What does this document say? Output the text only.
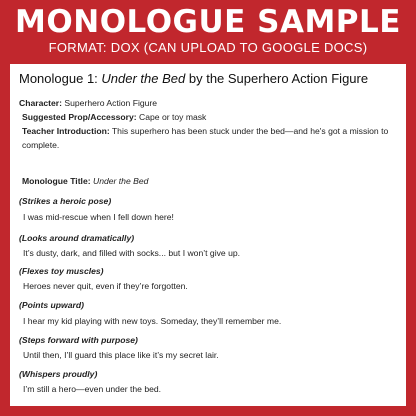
MONOLOGUE SAMPLE
FORMAT: DOX (CAN UPLOAD TO GOOGLE DOCS)
Monologue 1: Under the Bed by the Superhero Action Figure
Character: Superhero Action Figure
Suggested Prop/Accessory: Cape or toy mask
Teacher Introduction: This superhero has been stuck under the bed—and he's got a mission to complete.
Monologue Title: Under the Bed
(Strikes a heroic pose)
I was mid-rescue when I fell down here!
(Looks around dramatically)
It’s dusty, dark, and filled with socks... but I won’t give up.
(Flexes toy muscles)
Heroes never quit, even if they’re forgotten.
(Points upward)
I hear my kid playing with new toys. Someday, they’ll remember me.
(Steps forward with purpose)
Until then, I’ll guard this place like it’s my secret lair.
(Whispers proudly)
I’m still a hero—even under the bed.
